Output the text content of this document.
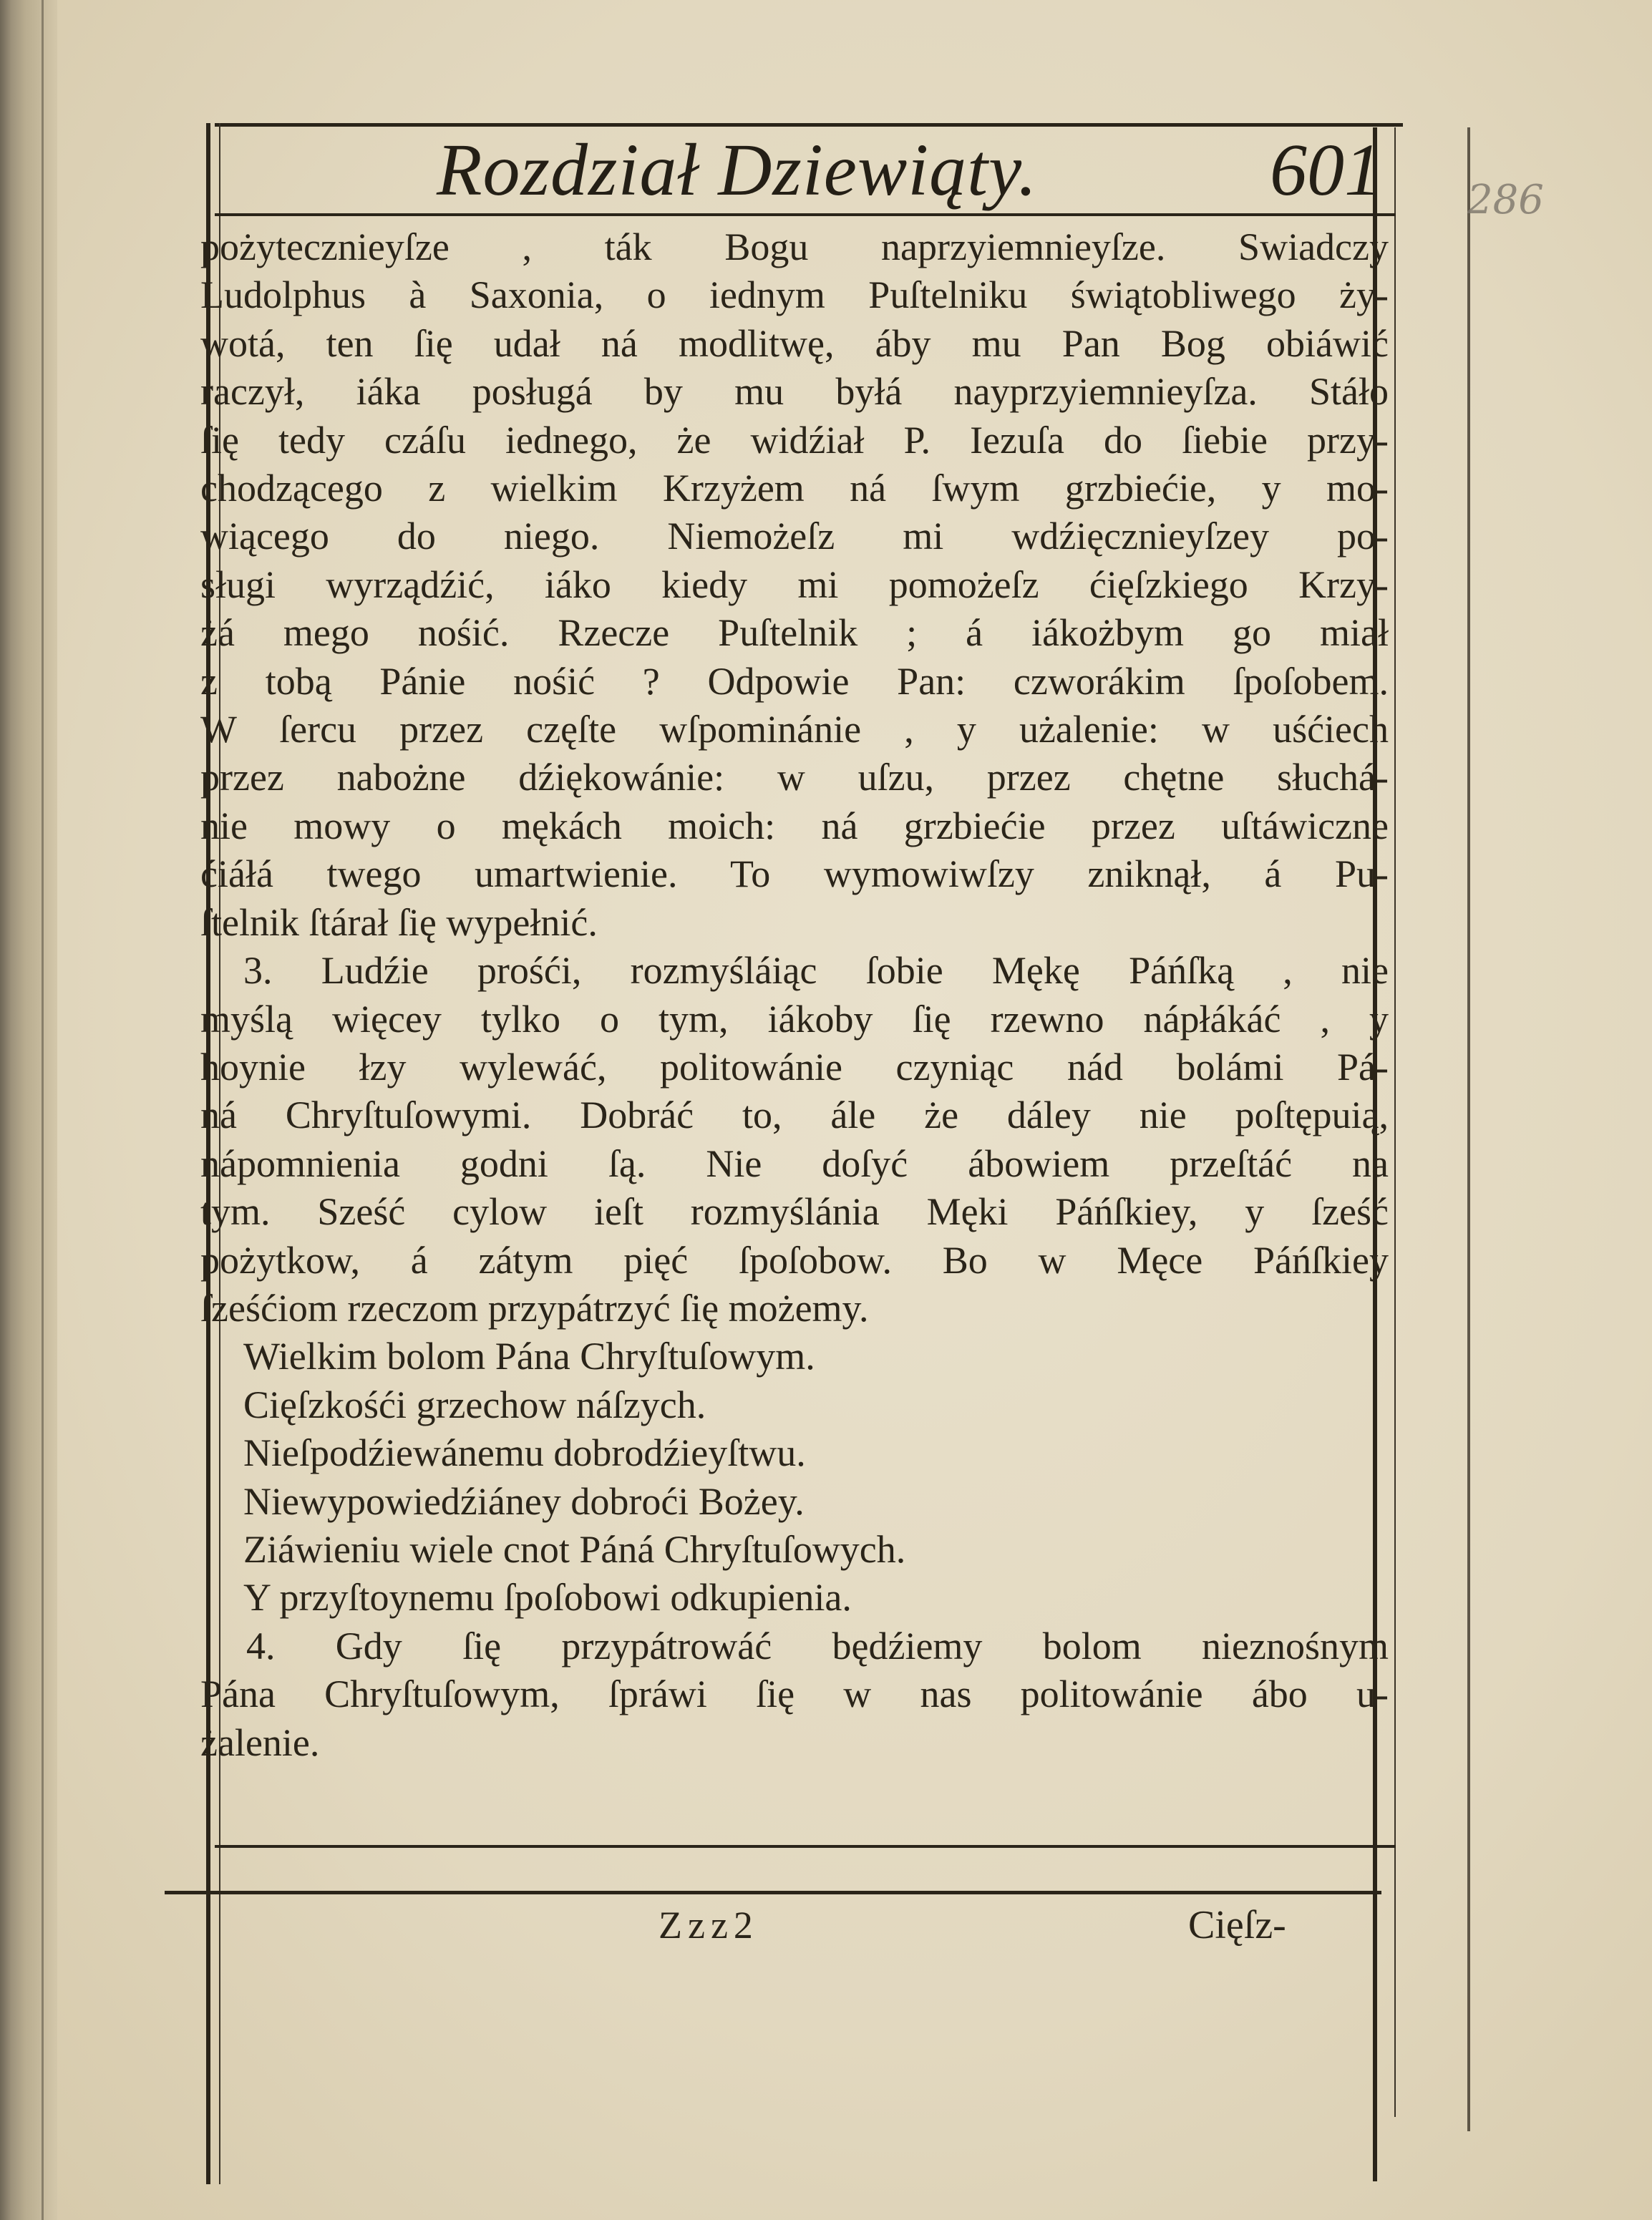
Rozdział Dziewiąty.	601 286
pożytecznieyſze , ták Bogu naprzyiemnieyſze. Swiadczy
Ludolphus à Saxonia, o iednym Puſtelniku świątobliwego ży-
wotá, ten ſię udał ná modlitwę, áby mu Pan Bog obiáwić
raczył, iáka posługá by mu byłá nayprzyiemnieyſza. Stáło
ſię tedy czáſu iednego, że widźiał P. Iezuſa do ſiebie przy-
chodzącego z wielkim Krzyżem ná ſwym grzbiećie, y mo-
wiącego do niego. Niemożeſz mi wdźięcznieyſzey po-
sługi wyrządźić, iáko kiedy mi pomożeſz ćięſzkiego Krzy-
żá mego nośić. Rzecze Puſtelnik ; á iákożbym go miał
z tobą Pánie nośić ? Odpowie Pan: czworákim ſpoſobem.
W ſercu przez częſte wſpominánie , y użalenie: w uśćiech
przez nabożne dźiękowánie: w uſzu, przez chętne słuchá-
nie mowy o mękách moich: ná grzbiećie przez uſtáwiczne
ćiáłá twego umartwienie. To wymowiwſzy zniknął, á Pu-
ſtelnik ſtárał ſię wypełnić.
3. Ludźie prośći, rozmyśláiąc ſobie Mękę Páńſką , nie
myślą więcey tylko o tym, iákoby ſię rzewno nápłákáć , y
hoynie łzy wylewáć, politowánie czyniąc nád bolámi Pá-
ná Chryſtuſowymi. Dobráć to, ále że dáley nie poſtępuią,
nápomnienia godni ſą. Nie doſyć ábowiem przeſtáć na
tym. Sześć cylow ieſt rozmyślánia Męki Páńſkiey, y ſześć
pożytkow, á zátym pięć ſpoſobow. Bo w Męce Páńſkiey
ſześćiom rzeczom przypátrzyć ſię możemy.
Wielkim bolom Pána Chryſtuſowym.
Cięſzkośći grzechow náſzych.
Nieſpodźiewánemu dobrodźieyſtwu.
Niewypowiedźiáney dobroći Bożey.
Ziáwieniu wiele cnot Páná Chryſtuſowych.
Y przyſtoynemu ſpoſobowi odkupienia.
4. Gdy ſię przypátrowáć będźiemy bolom nieznośnym
Pána Chryſtuſowym, ſpráwi ſię w nas politowánie ábo u-
żalenie.
Zzz2	Cięſz-
